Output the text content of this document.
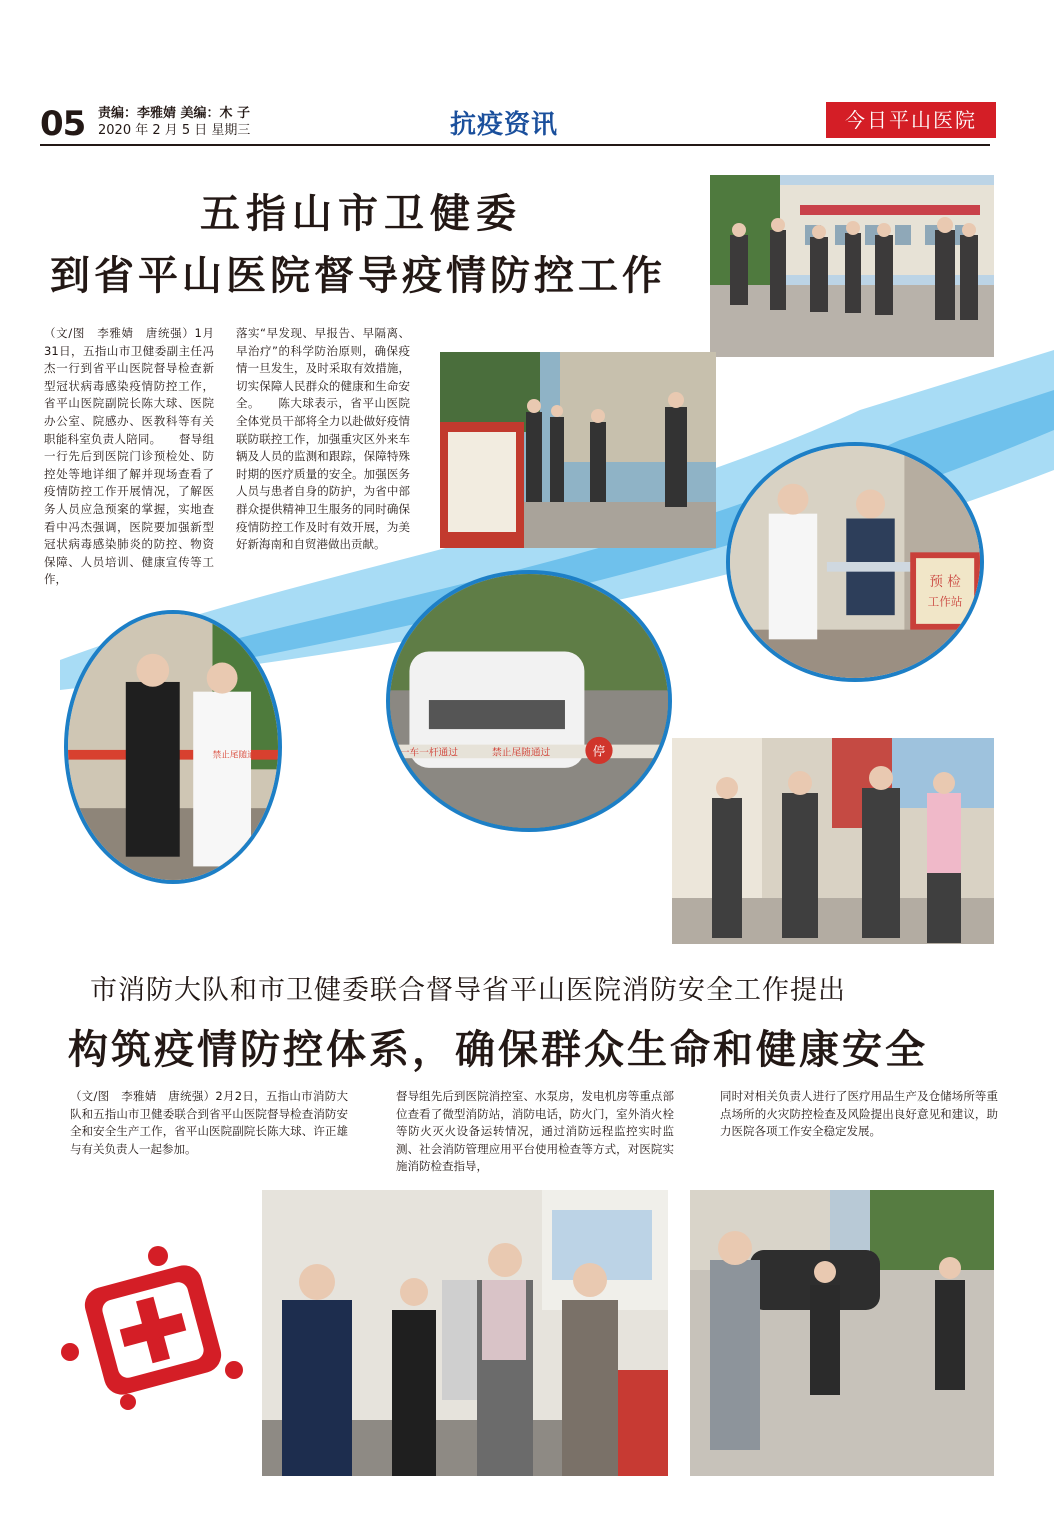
05 责编：李雅婧 美编：木 子
2020 年 2 月 5 日 星期三	抗疫资讯	今日平山医院
五指山市卫健委
到省平山医院督导疫情防控工作
（文/图　李雅婧　唐统强）1月31日，五指山市卫健委副主任冯杰一行到省平山医院督导检查新型冠状病毒感染疫情防控工作，省平山医院副院长陈大球、医院办公室、院感办、医教科等有关职能科室负责人陪同。　　督导组一行先后到医院门诊预检处、防控处等地详细了解并现场查看了疫情防控工作开展情况，了解医务人员应急预案的掌握，实地查看中冯杰强调，医院要加强新型冠状病毒感染肺炎的防控、物资保障、人员培训、健康宣传等工作，
落实“早发现、早报告、早隔离、早治疗”的科学防治原则，确保疫情一旦发生，及时采取有效措施，切实保障人民群众的健康和生命安全。　　陈大球表示，省平山医院全体党员干部将全力以赴做好疫情联防联控工作，加强重灾区外来车辆及人员的监测和跟踪，保障特殊时期的医疗质量的安全。加强医务人员与患者自身的防护，为省中部群众提供精神卫生服务的同时确保疫情防控工作及时有效开展，为美好新海南和自贸港做出贡献。
预 检
工作站
禁止尾随通过	一车一杆通过	禁止尾随通过	停
市消防大队和市卫健委联合督导省平山医院消防安全工作提出
构筑疫情防控体系，确保群众生命和健康安全
（文/图　李雅婧　唐统强）2月2日，五指山市消防大队和五指山市卫健委联合到省平山医院督导检查消防安全和安全生产工作，省平山医院副院长陈大球、许正雄与有关负责人一起参加。
督导组先后到医院消控室、水泵房，发电机房等重点部位查看了微型消防站，消防电话，防火门，室外消火栓等防火灭火设备运转情况，通过消防远程监控实时监测、社会消防管理应用平台使用检查等方式，对医院实施消防检查指导，
同时对相关负责人进行了医疗用品生产及仓储场所等重点场所的火灾防控检查及风险提出良好意见和建议，助力医院各项工作安全稳定发展。
